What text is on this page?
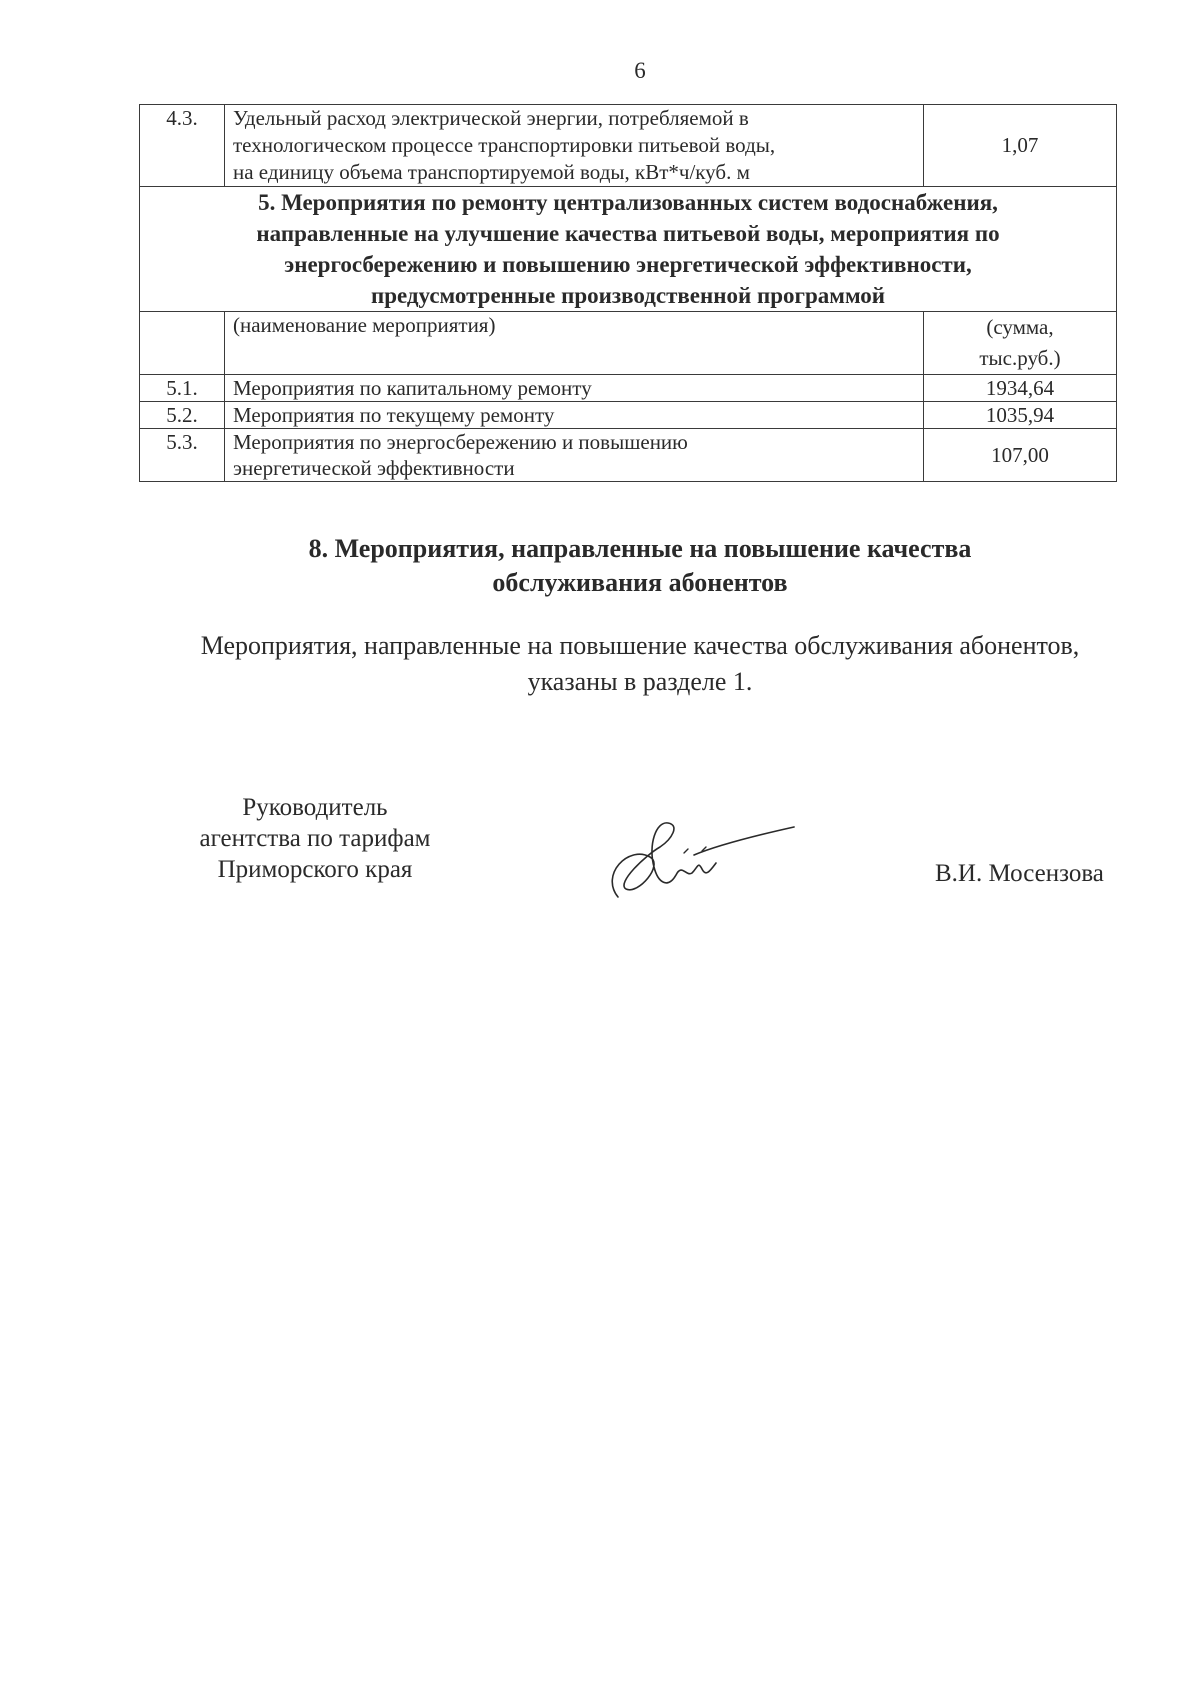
6
4.3.	Удельный расход электрической энергии, потребляемой в
технологическом процессе транспортировки питьевой воды,
на единицу объема транспортируемой воды, кВт*ч/куб. м	1,07
5. Мероприятия по ремонту централизованных систем водоснабжения,
направленные на улучшение качества питьевой воды, мероприятия по
энергосбережению и повышению энергетической эффективности,
предусмотренные производственной программой		
	(наименование мероприятия)	(сумма,
тыс.руб.)
5.1.	Мероприятия по капитальному ремонту	1934,64
5.2.	Мероприятия по текущему ремонту	1035,94
5.3.	Мероприятия по энергосбережению и повышению
энергетической эффективности	107,00
8. Мероприятия, направленные на повышение качества
обслуживания абонентов
Мероприятия, направленные на повышение качества обслуживания абонентов,
указаны в разделе 1.
Руководитель
агентства по тарифам
Приморского края	В.И. Мосензова
